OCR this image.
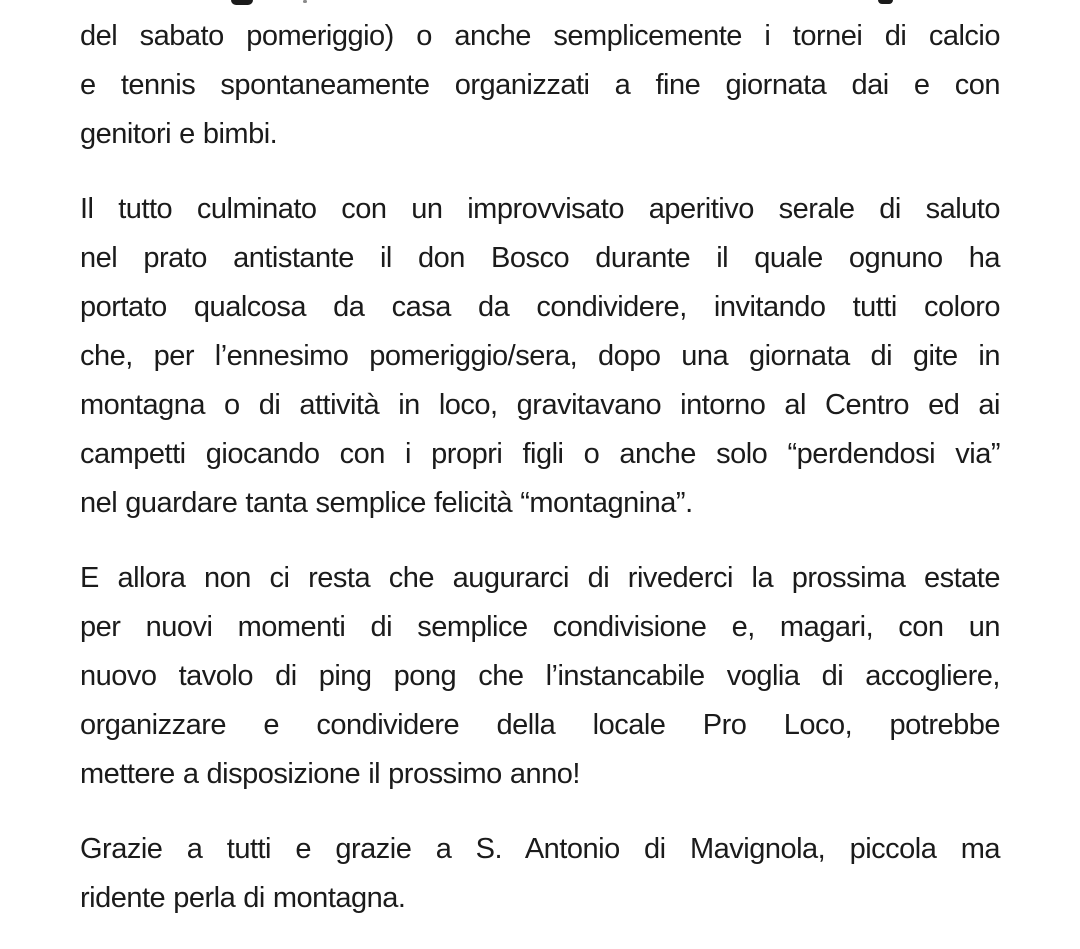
del sabato pomeriggio) o anche semplicemente i tornei di calcio
e tennis spontaneamente organizzati a fine giornata dai e con
genitori e bimbi.

Il tutto culminato con un improvvisato aperitivo serale di saluto
nel prato antistante il don Bosco durante il quale ognuno ha
portato qualcosa da casa da condividere, invitando tutti coloro
che, per l’ennesimo pomeriggio/sera, dopo una giornata di gite in
montagna o di attività in loco, gravitavano intorno al Centro ed ai
campetti giocando con i propri figli o anche solo “perdendosi via”
nel guardare tanta semplice felicità “montagnina”.

E allora non ci resta che augurarci di rivederci la prossima estate
per nuovi momenti di semplice condivisione e, magari, con un
nuovo tavolo di ping pong che l’instancabile voglia di accogliere,
organizzare e condividere della locale Pro Loco, potrebbe
mettere a disposizione il prossimo anno!

Grazie a tutti e grazie a S. Antonio di Mavignola, piccola ma
ridente perla di montagna.
